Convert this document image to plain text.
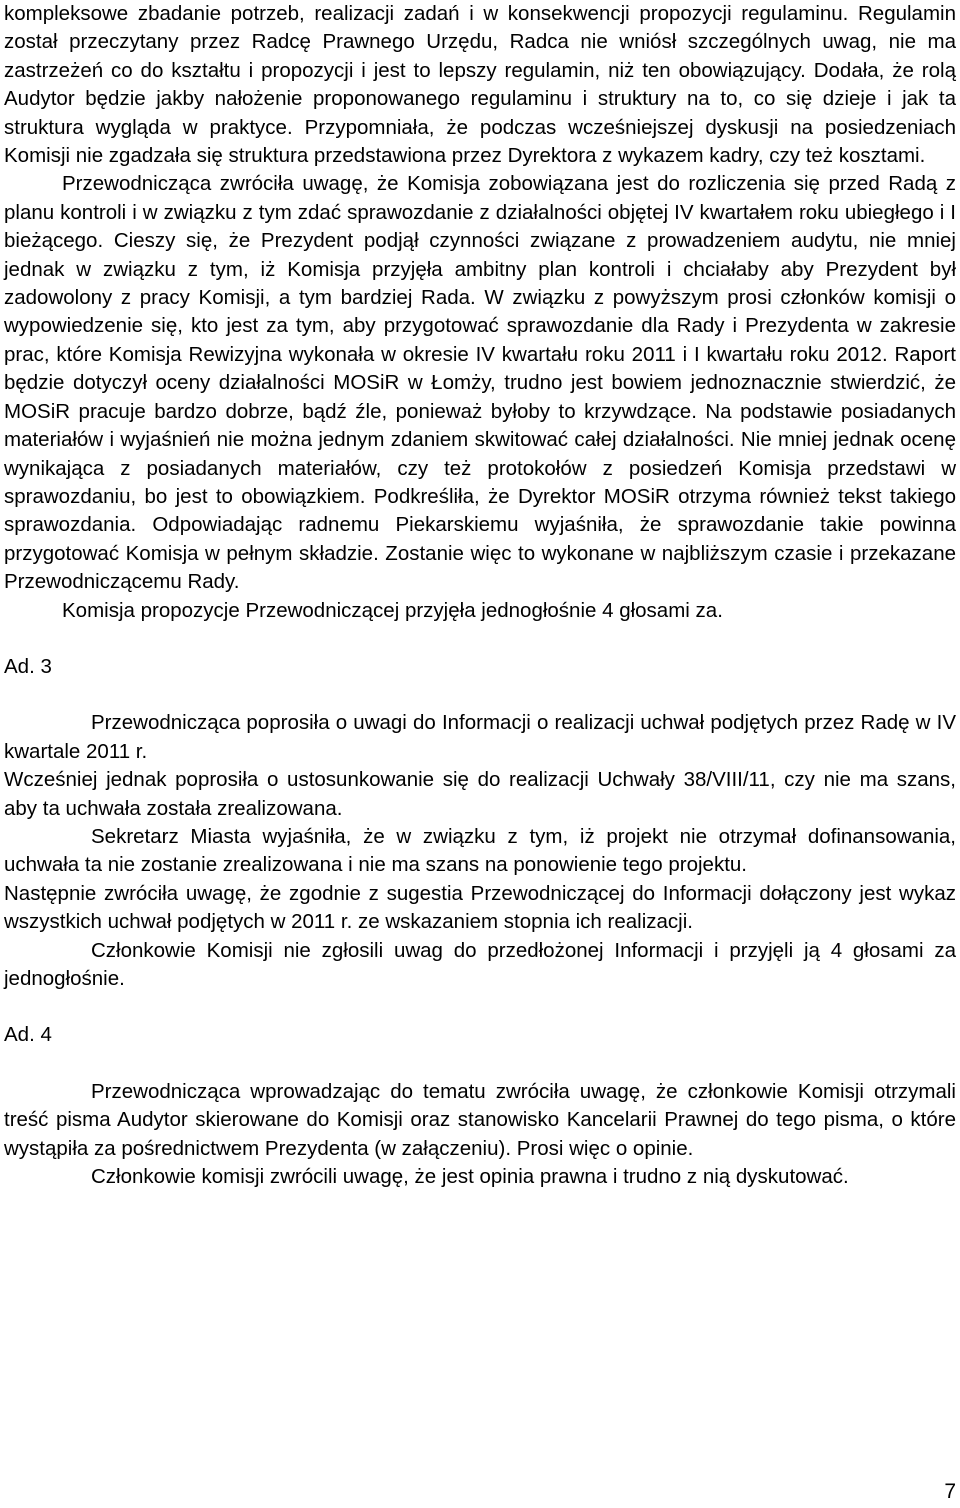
kompleksowe zbadanie potrzeb, realizacji zadań i w konsekwencji propozycji regulaminu. Regulamin został przeczytany przez Radcę Prawnego Urzędu, Radca nie wniósł szczególnych uwag, nie ma zastrzeżeń co do kształtu i propozycji i jest to lepszy regulamin, niż ten obowiązujący. Dodała, że rolą Audytor będzie jakby nałożenie proponowanego regulaminu i struktury na to, co się dzieje i jak ta struktura wygląda w praktyce. Przypomniała, że podczas wcześniejszej dyskusji na posiedzeniach Komisji nie zgadzała się struktura przedstawiona przez Dyrektora z wykazem kadry, czy też kosztami.

Przewodnicząca zwróciła uwagę, że Komisja zobowiązana jest do rozliczenia się przed Radą z planu kontroli i w związku z tym zdać sprawozdanie z działalności objętej IV kwartałem roku ubiegłego i I bieżącego. Cieszy się, że Prezydent podjął czynności związane z prowadzeniem audytu, nie mniej jednak w związku z tym, iż Komisja przyjęła ambitny plan kontroli i chciałaby aby Prezydent był zadowolony z pracy Komisji, a tym bardziej Rada. W związku z powyższym prosi członków komisji o wypowiedzenie się, kto jest za tym, aby przygotować sprawozdanie dla Rady i Prezydenta w zakresie prac, które Komisja Rewizyjna wykonała w okresie IV kwartału roku 2011 i I kwartału roku 2012. Raport będzie dotyczył oceny działalności MOSiR w Łomży, trudno jest bowiem jednoznacznie stwierdzić, że MOSiR pracuje bardzo dobrze, bądź źle, ponieważ byłoby to krzywdzące. Na podstawie posiadanych materiałów i wyjaśnień nie można jednym zdaniem skwitować całej działalności. Nie mniej jednak ocenę wynikająca z posiadanych materiałów, czy też protokołów z posiedzeń Komisja przedstawi w sprawozdaniu, bo jest to obowiązkiem. Podkreśliła, że Dyrektor MOSiR otrzyma również tekst takiego sprawozdania. Odpowiadając radnemu Piekarskiemu wyjaśniła, że sprawozdanie takie powinna przygotować Komisja w pełnym składzie. Zostanie więc to wykonane w najbliższym czasie i przekazane Przewodniczącemu Rady.

Komisja propozycje Przewodniczącej przyjęła jednogłośnie 4 głosami za.

Ad. 3

Przewodnicząca poprosiła o uwagi do Informacji o realizacji uchwał podjętych przez Radę w IV kwartale 2011 r.

Wcześniej jednak poprosiła o ustosunkowanie się do realizacji Uchwały 38/VIII/11, czy nie ma szans, aby ta uchwała została zrealizowana.

Sekretarz Miasta wyjaśniła, że w związku z tym, iż projekt nie otrzymał dofinansowania, uchwała ta nie zostanie zrealizowana i nie ma szans na ponowienie tego projektu.

Następnie zwróciła uwagę, że zgodnie z sugestia Przewodniczącej do Informacji dołączony jest wykaz wszystkich uchwał podjętych w 2011 r. ze wskazaniem stopnia ich realizacji.

Członkowie Komisji nie zgłosili uwag do przedłożonej Informacji i przyjęli ją 4 głosami za jednogłośnie.

Ad. 4

Przewodnicząca wprowadzając do tematu zwróciła uwagę, że członkowie Komisji otrzymali treść pisma Audytor skierowane do Komisji oraz stanowisko Kancelarii Prawnej do tego pisma, o które wystąpiła za pośrednictwem Prezydenta (w załączeniu). Prosi więc o opinie.

Członkowie komisji zwrócili uwagę, że jest opinia prawna i trudno z nią dyskutować.

7
